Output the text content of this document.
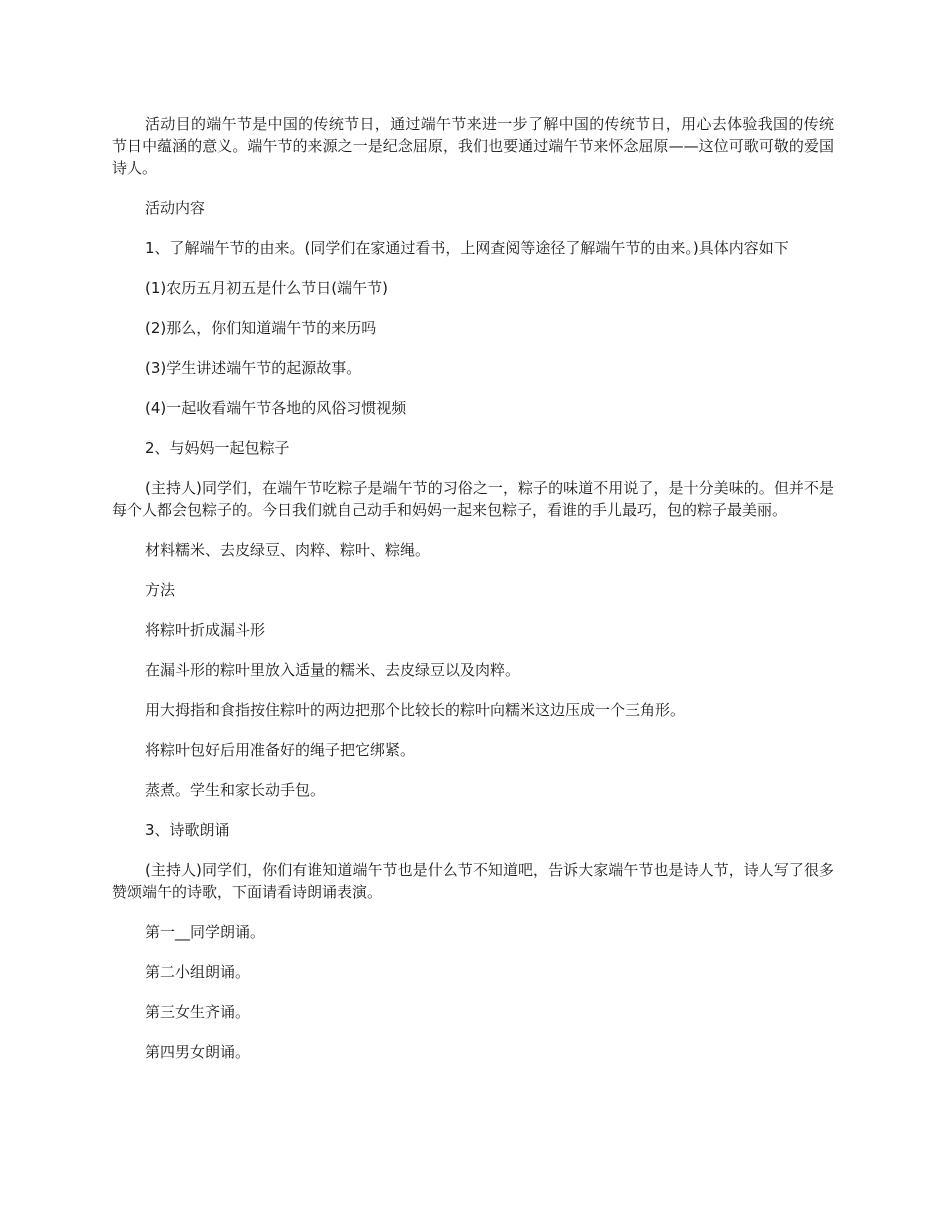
活动目的端午节是中国的传统节日，通过端午节来进一步了解中国的传统节日，用心去体验我国的传统节日中蕴涵的意义。端午节的来源之一是纪念屈原，我们也要通过端午节来怀念屈原——这位可歌可敬的爱国诗人。

活动内容

1、了解端午节的由来。(同学们在家通过看书，上网查阅等途径了解端午节的由来。)具体内容如下

(1)农历五月初五是什么节日(端午节)

(2)那么，你们知道端午节的来历吗

(3)学生讲述端午节的起源故事。

(4)一起收看端午节各地的风俗习惯视频

2、与妈妈一起包粽子

(主持人)同学们，在端午节吃粽子是端午节的习俗之一，粽子的味道不用说了，是十分美味的。但并不是每个人都会包粽子的。今日我们就自己动手和妈妈一起来包粽子，看谁的手儿最巧，包的粽子最美丽。

材料糯米、去皮绿豆、肉粹、粽叶、粽绳。

方法

将粽叶折成漏斗形

在漏斗形的粽叶里放入适量的糯米、去皮绿豆以及肉粹。

用大拇指和食指按住粽叶的两边把那个比较长的粽叶向糯米这边压成一个三角形。

将粽叶包好后用准备好的绳子把它绑紧。

蒸煮。学生和家长动手包。

3、诗歌朗诵

(主持人)同学们，你们有谁知道端午节也是什么节不知道吧，告诉大家端午节也是诗人节，诗人写了很多赞颂端午的诗歌，下面请看诗朗诵表演。

第一__同学朗诵。

第二小组朗诵。

第三女生齐诵。

第四男女朗诵。
